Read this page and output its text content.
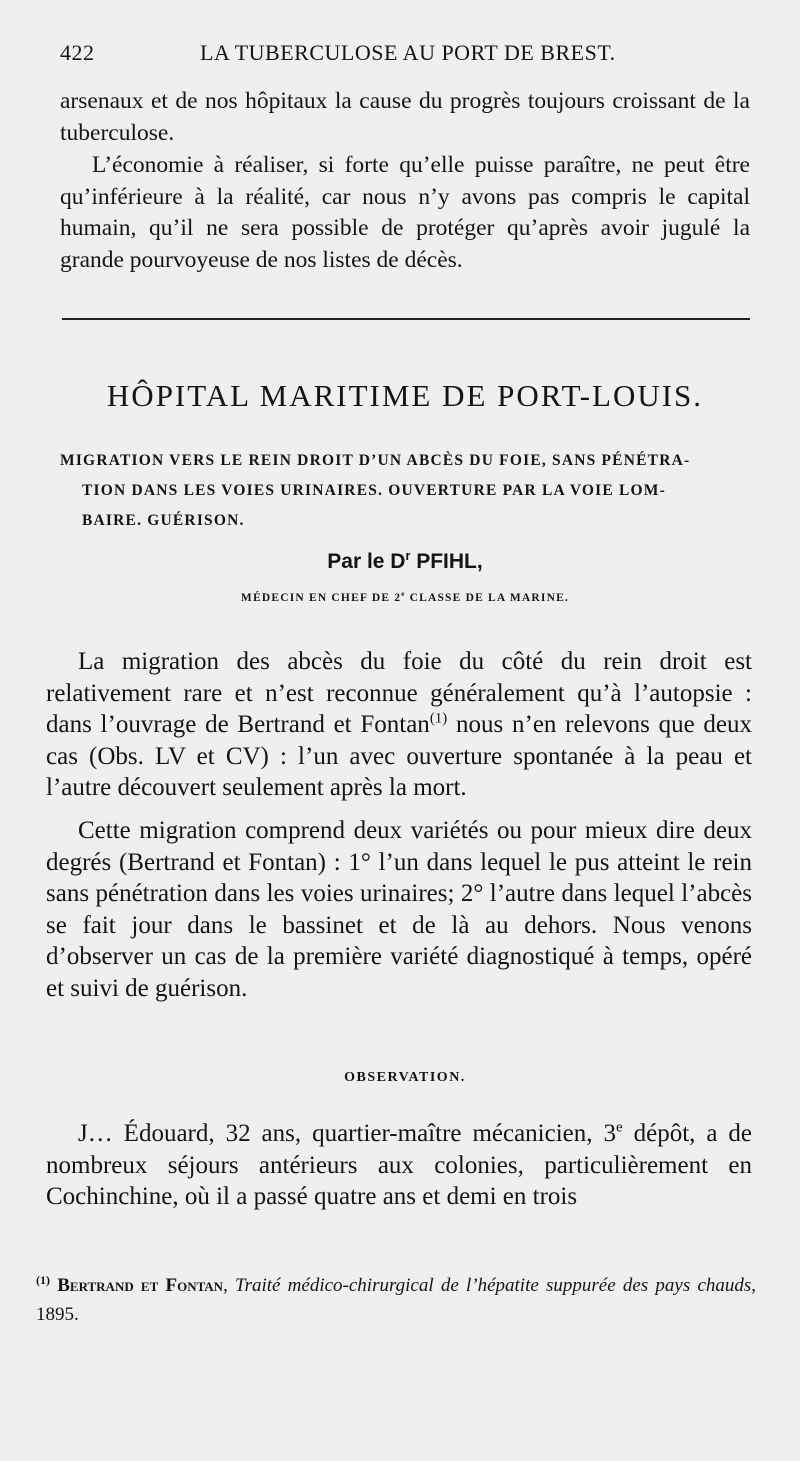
422	LA TUBERCULOSE AU PORT DE BREST.
arsenaux et de nos hôpitaux la cause du progrès toujours croissant de la tuberculose.
L’économie à réaliser, si forte qu’elle puisse paraître, ne peut être qu’inférieure à la réalité, car nous n’y avons pas compris le capital humain, qu’il ne sera possible de protéger qu’après avoir jugulé la grande pourvoyeuse de nos listes de décès.
HÔPITAL MARITIME DE PORT-LOUIS.
MIGRATION VERS LE REIN DROIT D’UN ABCÈS DU FOIE, SANS PÉNÉTRA-
TION DANS LES VOIES URINAIRES. OUVERTURE PAR LA VOIE LOM-
BAIRE. GUÉRISON.
Par le $D^r$ PFIHL,
MÉDECIN EN CHEF DE 2e CLASSE DE LA MARINE.
La migration des abcès du foie du côté du rein droit est relativement rare et n’est reconnue généralement qu’à l’autopsie : dans l’ouvrage de Bertrand et Fontan$^{(1)}$ nous n’en relevons que deux cas (Obs. LV et CV) : l’un avec ouverture spontanée à la peau et l’autre découvert seulement après la mort.
Cette migration comprend deux variétés ou pour mieux dire deux degrés (Bertrand et Fontan) : 1° l’un dans lequel le pus atteint le rein sans pénétration dans les voies urinaires; 2° l’autre dans lequel l’abcès se fait jour dans le bassinet et de là au dehors. Nous venons d’observer un cas de la première variété diagnostiqué à temps, opéré et suivi de guérison.
OBSERVATION.
J… Édouard, 32 ans, quartier-maître mécanicien, 3e dépôt, a de nombreux séjours antérieurs aux colonies, particulièrement en Cochinchine, où il a passé quatre ans et demi en trois
$^{(1)}$ Bertrand et Fontan, Traité médico-chirurgical de l’hépatite suppurée des pays chauds, 1895.
